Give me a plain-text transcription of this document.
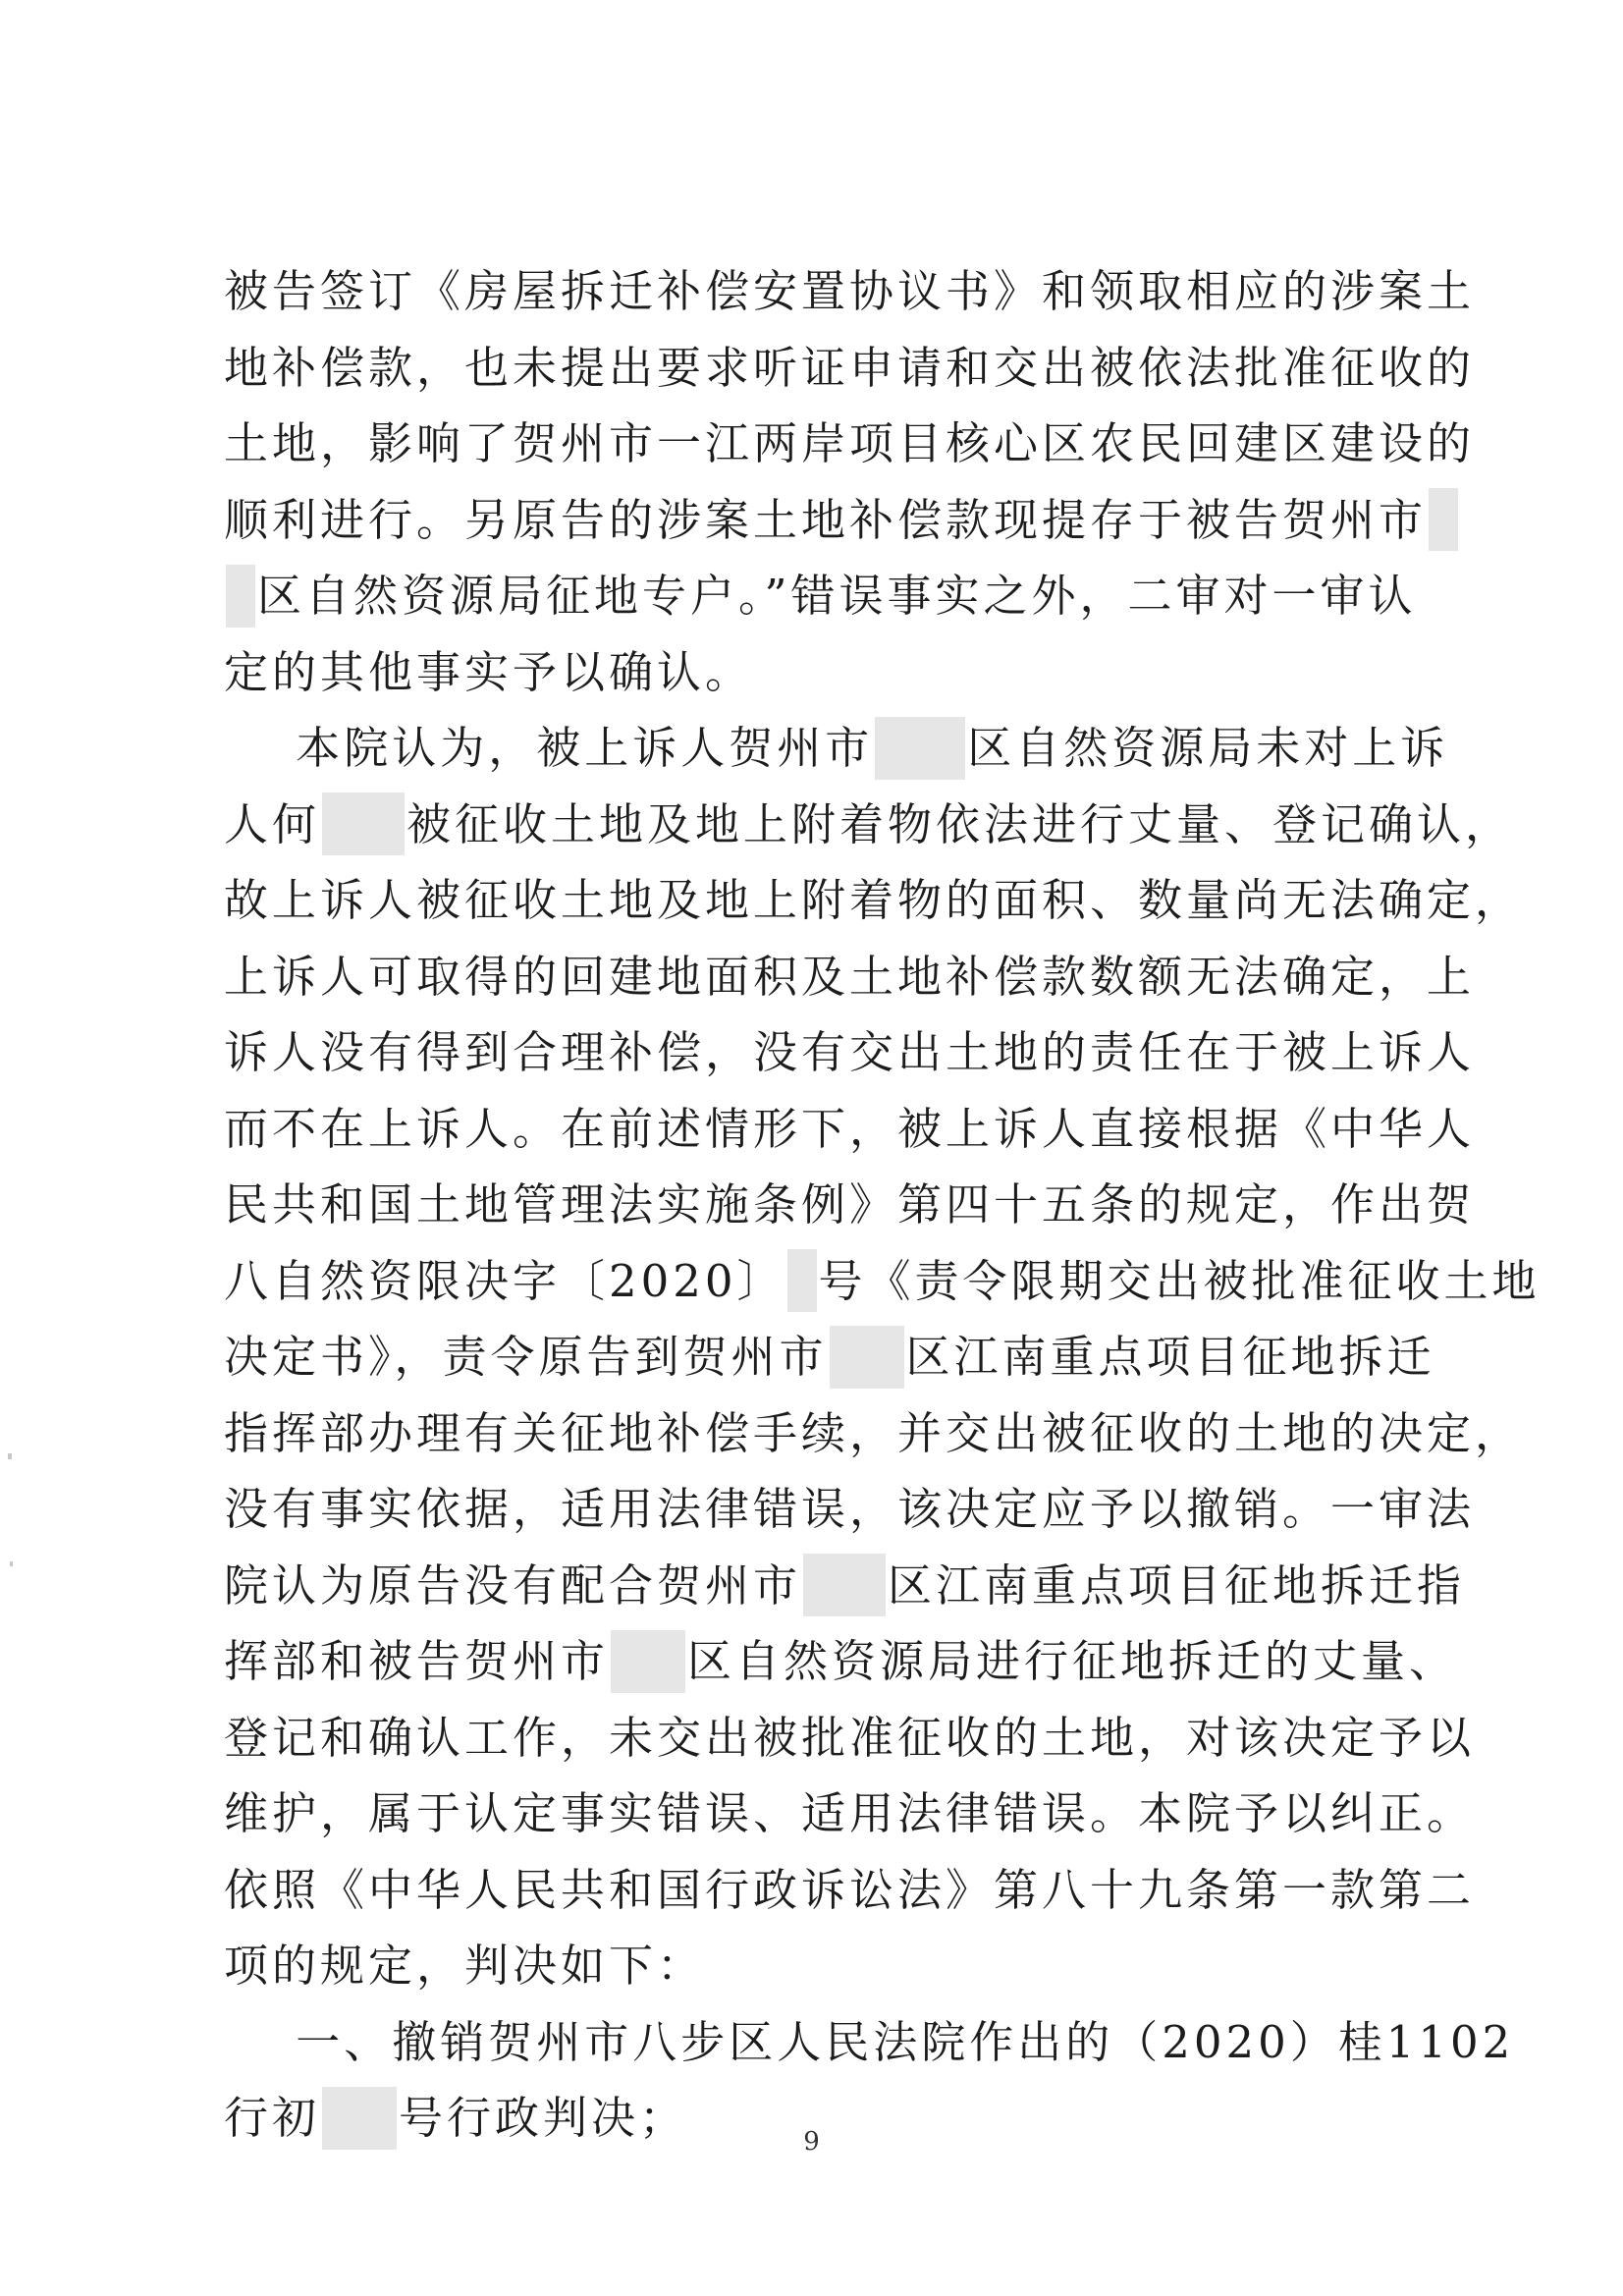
被告签订《房屋拆迁补偿安置协议书》和领取相应的涉案土
地补偿款，也未提出要求听证申请和交出被依法批准征收的
土地，影响了贺州市一江两岸项目核心区农民回建区建设的
顺利进行。另原告的涉案土地补偿款现提存于被告贺州市
区自然资源局征地专户。”错误事实之外，二审对一审认
定的其他事实予以确认。
本院认为，被上诉人贺州市 区自然资源局未对上诉
人何 被征收土地及地上附着物依法进行丈量、登记确认，
故上诉人被征收土地及地上附着物的面积、数量尚无法确定，
上诉人可取得的回建地面积及土地补偿款数额无法确定，上
诉人没有得到合理补偿，没有交出土地的责任在于被上诉人
而不在上诉人。在前述情形下，被上诉人直接根据《中华人
民共和国土地管理法实施条例》第四十五条的规定，作出贺
八自然资限决字〔2020〕 号《责令限期交出被批准征收土地
决定书》，责令原告到贺州市 区江南重点项目征地拆迁
指挥部办理有关征地补偿手续，并交出被征收的土地的决定，
没有事实依据，适用法律错误，该决定应予以撤销。一审法
院认为原告没有配合贺州市 区江南重点项目征地拆迁指
挥部和被告贺州市 区自然资源局进行征地拆迁的丈量、
登记和确认工作，未交出被批准征收的土地，对该决定予以
维护，属于认定事实错误、适用法律错误。本院予以纠正。
依照《中华人民共和国行政诉讼法》第八十九条第一款第二
项的规定，判决如下：
一、撤销贺州市八步区人民法院作出的（2020）桂1102
行初 号行政判决；	9
